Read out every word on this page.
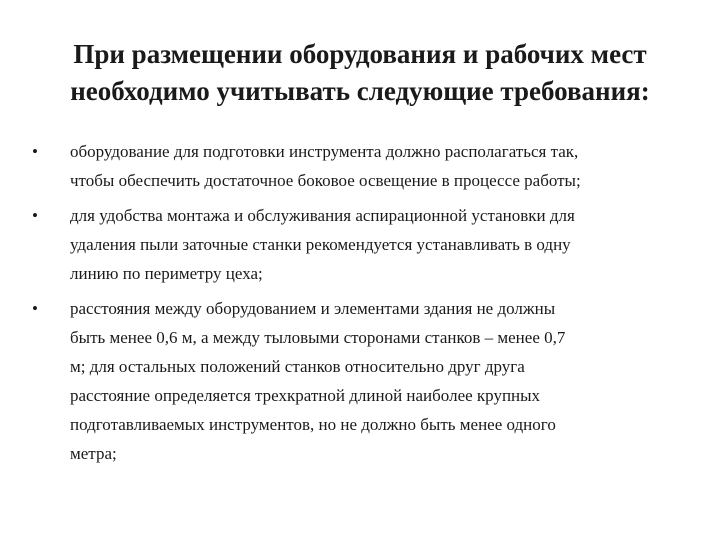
При размещении оборудования и рабочих мест
необходимо учитывать следующие требования:
• оборудование для подготовки инструмента должно располагаться так,
чтобы обеспечить достаточное боковое освещение в процессе работы;
• для удобства монтажа и обслуживания аспирационной установки для
удаления пыли заточные станки рекомендуется устанавливать в одну
линию по периметру цеха;
• расстояния между оборудованием и элементами здания не должны
быть менее 0,6 м, а между тыловыми сторонами станков – менее 0,7
м; для остальных положений станков относительно друг друга
расстояние определяется трехкратной длиной наиболее крупных
подготавливаемых инструментов, но не должно быть менее одного
метра;
